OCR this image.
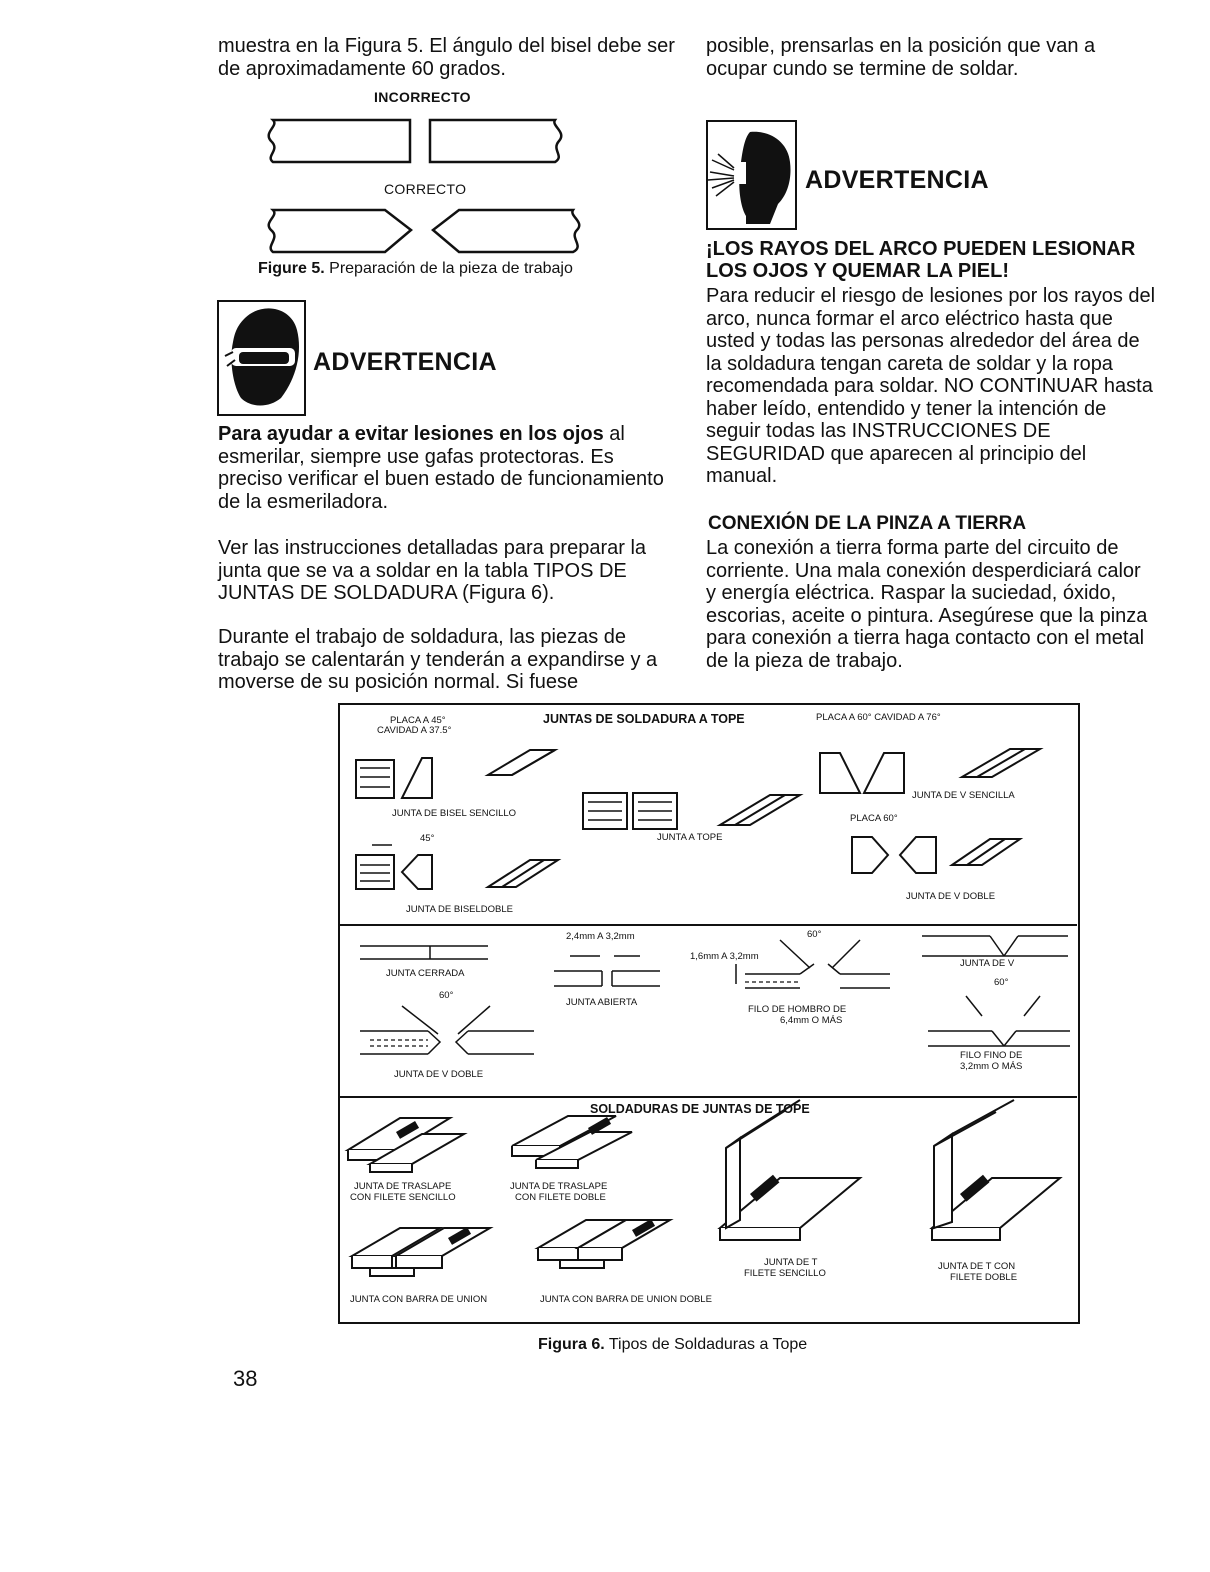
muestra en la Figura 5. El ángulo del bisel debe ser de aproximadamente 60 grados.
INCORRECTO
CORRECTO
Figure 5. Preparación de la pieza de trabajo
ADVERTENCIA
Para ayudar a evitar lesiones en los ojos al esmerilar, siempre use gafas protectoras. Es preciso verificar el buen estado de funcionamiento de la esmeriladora.
Ver las instrucciones detalladas para preparar la junta que se va a soldar en la tabla TIPOS DE JUNTAS DE SOLDADURA (Figura 6).
Durante el trabajo de soldadura, las piezas de trabajo se calentarán y tenderán a expandirse y a moverse de su posición normal. Si fuese
posible, prensarlas en la posición que van a ocupar cundo se termine de soldar.
ADVERTENCIA
¡LOS RAYOS DEL ARCO PUEDEN LESIONAR LOS OJOS Y QUEMAR LA PIEL!
Para reducir el riesgo de lesiones por los rayos del arco, nunca formar el arco eléctrico hasta que usted y todas las personas alrededor del área de la soldadura tengan careta de soldar y la ropa recomendada para soldar. NO CONTINUAR hasta haber leído, entendido y tener la intención de seguir todas las INSTRUCCIONES DE SEGURIDAD que aparecen al principio del manual.
CONEXIÓN DE LA PINZA A TIERRA
La conexión a tierra forma parte del circuito de corriente. Una mala conexión desperdiciará calor y energía eléctrica. Raspar la suciedad, óxido, escorias, aceite o pintura. Asegúrese que la pinza para conexión a tierra haga contacto con el metal de la pieza de trabajo.
JUNTAS DE SOLDADURA A TOPE
PLACA A 45°
CAVIDAD A 37.5°
PLACA A 60° CAVIDAD A 76°
JUNTA DE BISEL SENCILLO
JUNTA A TOPE
JUNTA DE V SENCILLA
PLACA 60°
45°
JUNTA DE BISELDOBLE
JUNTA DE V DOBLE
JUNTA CERRADA
2,4mm A 3,2mm
JUNTA ABIERTA
60°
JUNTA DE V DOBLE
1,6mm A 3,2mm
60°
FILO DE HOMBRO DE
6,4mm O MÁS
JUNTA DE V
60°
FILO FINO DE
3,2mm O MÁS
SOLDADURAS DE JUNTAS DE TOPE
JUNTA DE TRASLAPE
CON FILETE SENCILLO
JUNTA DE TRASLAPE
CON FILETE DOBLE
JUNTA DE T
FILETE SENCILLO
JUNTA DE T CON
FILETE DOBLE
JUNTA CON BARRA DE UNION	JUNTA CON BARRA DE UNION DOBLE
Figura 6. Tipos de Soldaduras a Tope
38
